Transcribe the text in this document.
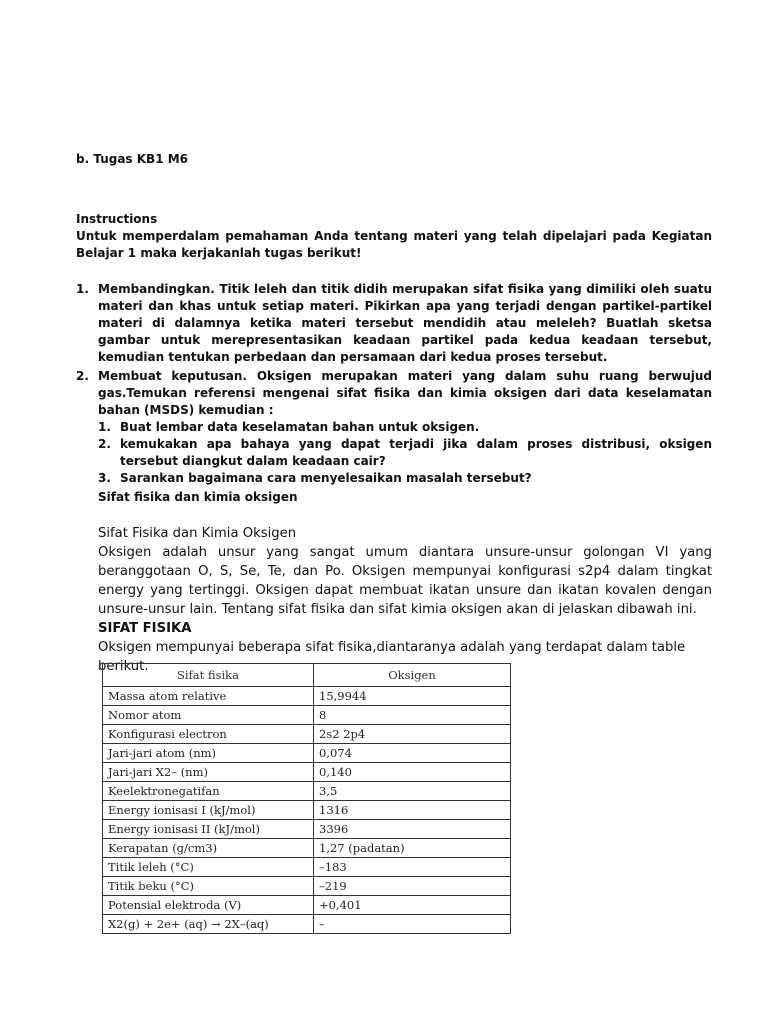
b. Tugas KB1 M6
Instructions
Untuk memperdalam pemahaman Anda tentang materi yang telah dipelajari pada Kegiatan Belajar 1 maka kerjakanlah tugas berikut!
1. Membandingkan. Titik leleh dan titik didih merupakan sifat fisika yang dimiliki oleh suatu materi dan khas untuk setiap materi. Pikirkan apa yang terjadi dengan partikel-partikel materi di dalamnya ketika materi tersebut mendidih atau meleleh? Buatlah sketsa gambar untuk merepresentasikan keadaan partikel pada kedua keadaan tersebut, kemudian tentukan perbedaan dan persamaan dari kedua proses tersebut.
2. Membuat keputusan. Oksigen merupakan materi yang dalam suhu ruang berwujud gas.Temukan referensi mengenai sifat fisika dan kimia oksigen dari data keselamatan bahan (MSDS) kemudian :
1. Buat lembar data keselamatan bahan untuk oksigen.
2. kemukakan apa bahaya yang dapat terjadi jika dalam proses distribusi, oksigen tersebut diangkut dalam keadaan cair?
3. Sarankan bagaimana cara menyelesaikan masalah tersebut?
Sifat fisika dan kimia oksigen
Sifat Fisika dan Kimia Oksigen
Oksigen adalah unsur yang sangat umum diantara unsure-unsur golongan VI yang beranggotaan O, S, Se, Te, dan Po. Oksigen mempunyai konfigurasi s2p4 dalam tingkat energy yang tertinggi. Oksigen dapat membuat ikatan unsure dan ikatan kovalen dengan unsure-unsur lain. Tentang sifat fisika dan sifat kimia oksigen akan di jelaskan dibawah ini.
SIFAT FISIKA
Oksigen mempunyai beberapa sifat fisika,diantaranya adalah yang terdapat dalam table berikut.
Sifat fisika	Oksigen
Massa atom relative	15,9944
Nomor atom	8
Konfigurasi electron	2s2 2p4
Jari-jari atom (nm)	0,074
Jari-jari X2– (nm)	0,140
Keelektronegatifan	3,5
Energy ionisasi I (kJ/mol)	1316
Energy ionisasi II (kJ/mol)	3396
Kerapatan (g/cm3)	1,27 (padatan)
Titik leleh (°C)	–183
Titik beku (°C)	–219
Potensial elektroda (V)	+0,401
X2(g) + 2e+ (aq) → 2X–(aq)	–
